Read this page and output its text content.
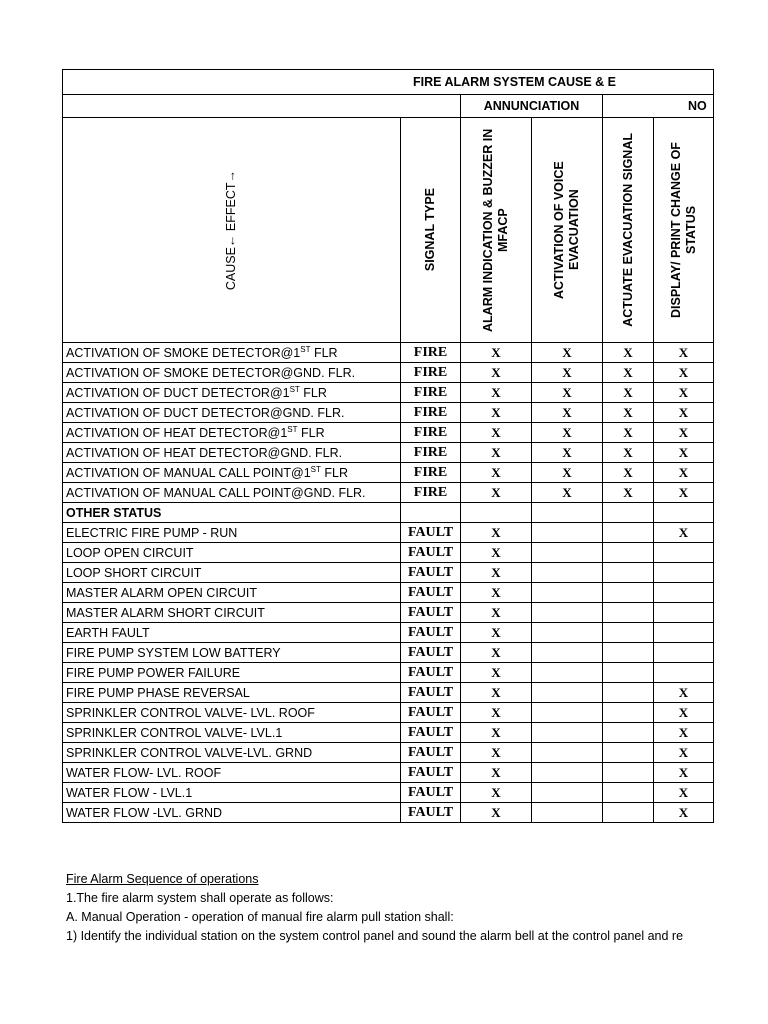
FIRE ALARM SYSTEM CAUSE & E					
		ANNUNCIATION		NO	

CAUSE← EFFECT→	SIGNAL TYPE	ALARM INDICATION & BUZZER IN MFACP	ACTIVATION OF VOICE EVACUATION	ACTUATE EVACUATION SIGNAL	DISPLAY/ PRINT CHANGE OF STATUS

ACTIVATION OF SMOKE DETECTOR@1ST FLR	FIRE	X	X	X	X
ACTIVATION OF SMOKE DETECTOR@GND. FLR.	FIRE	X	X	X	X
ACTIVATION OF DUCT DETECTOR@1ST FLR	FIRE	X	X	X	X
ACTIVATION OF DUCT DETECTOR@GND. FLR.	FIRE	X	X	X	X
ACTIVATION OF HEAT DETECTOR@1ST FLR	FIRE	X	X	X	X
ACTIVATION OF HEAT DETECTOR@GND. FLR.	FIRE	X	X	X	X
ACTIVATION OF MANUAL CALL POINT@1ST FLR	FIRE	X	X	X	X
ACTIVATION OF MANUAL CALL POINT@GND. FLR.	FIRE	X	X	X	X
OTHER STATUS					
ELECTRIC FIRE PUMP - RUN	FAULT	X			X
LOOP OPEN CIRCUIT	FAULT	X			
LOOP SHORT CIRCUIT	FAULT	X			
MASTER ALARM OPEN CIRCUIT	FAULT	X			
MASTER ALARM SHORT CIRCUIT	FAULT	X			
EARTH FAULT	FAULT	X			
FIRE PUMP SYSTEM LOW BATTERY	FAULT	X			
FIRE PUMP POWER FAILURE	FAULT	X			
FIRE PUMP PHASE REVERSAL	FAULT	X			X
SPRINKLER CONTROL VALVE- LVL. ROOF	FAULT	X			X
SPRINKLER CONTROL VALVE- LVL.1	FAULT	X			X
SPRINKLER CONTROL VALVE-LVL. GRND	FAULT	X			X
WATER FLOW- LVL. ROOF	FAULT	X			X
WATER FLOW - LVL.1	FAULT	X			X
WATER FLOW -LVL. GRND	FAULT	X			X
Fire Alarm Sequence of operations
1.The fire alarm system shall operate as follows:
A. Manual Operation - operation of manual fire alarm pull station shall:
1) Identify the individual station on the system control panel and sound the alarm bell at the control panel and re
